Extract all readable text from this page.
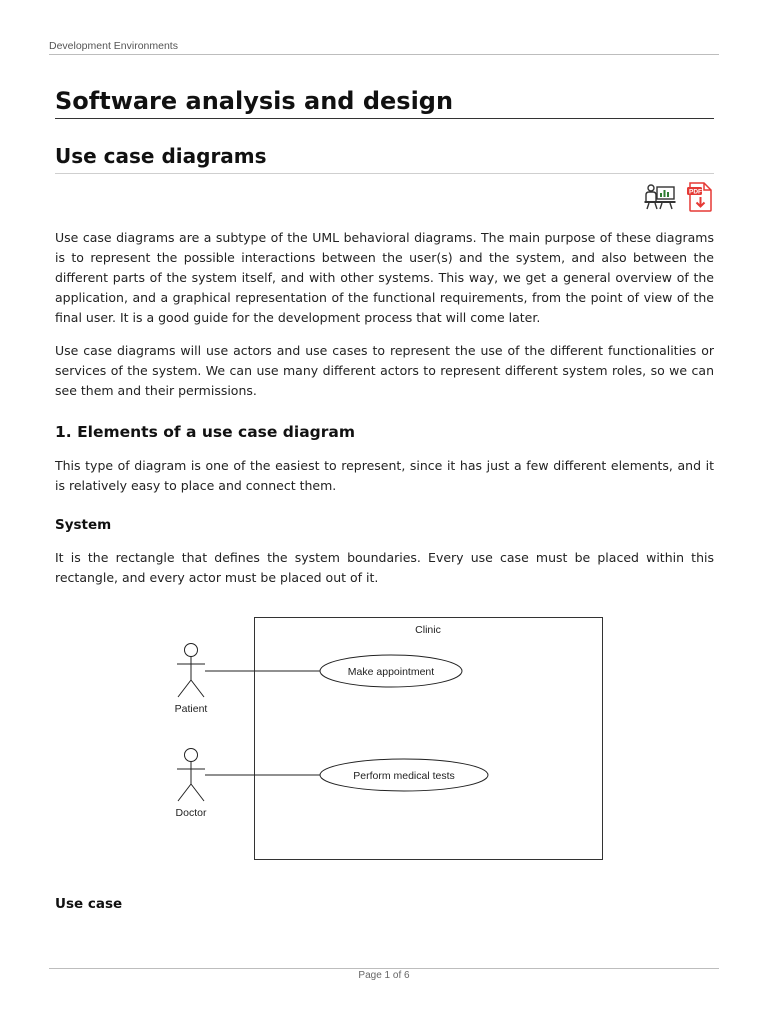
Development Environments
Software analysis and design
Use case diagrams
PDF

Use case diagrams are a subtype of the UML behavioral diagrams. The main purpose of these diagrams is to represent the possible interactions between the user(s) and the system, and also between the different parts of the system itself, and with other systems. This way, we get a general overview of the application, and a graphical representation of the functional requirements, from the point of view of the final user. It is a good guide for the development process that will come later.

Use case diagrams will use actors and use cases to represent the use of the different functionalities or services of the system. We can use many different actors to represent different system roles, so we can see them and their permissions.

1. Elements of a use case diagram

This type of diagram is one of the easiest to represent, since it has just a few different elements, and it is relatively easy to place and connect them.

System

It is the rectangle that defines the system boundaries. Every use case must be placed within this rectangle, and every actor must be placed out of it.

Clinic
Patient
Doctor
Make appointment
Perform medical tests
Use case
Page 1 of 6
